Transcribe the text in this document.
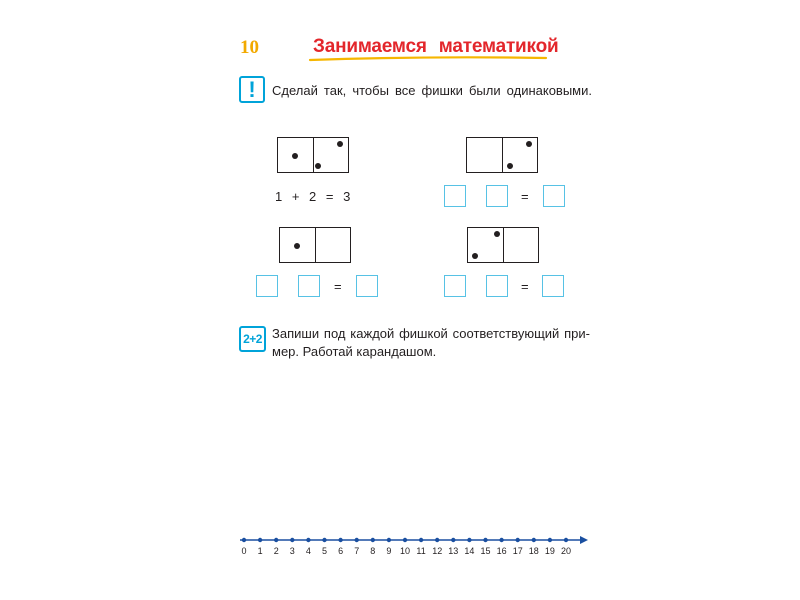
10	Занимаемся математикой
!	Сделай так, чтобы все фишки были одинаковыми.
1 + 2 = 3	=
=	=
2+2 Запиши под каждой фишкой соответствующий при-
мер. Работай карандашом.
0 1 2 3 4 5 6 7 8 9 10 11 12 13 14 15 16 17 18 19 20
